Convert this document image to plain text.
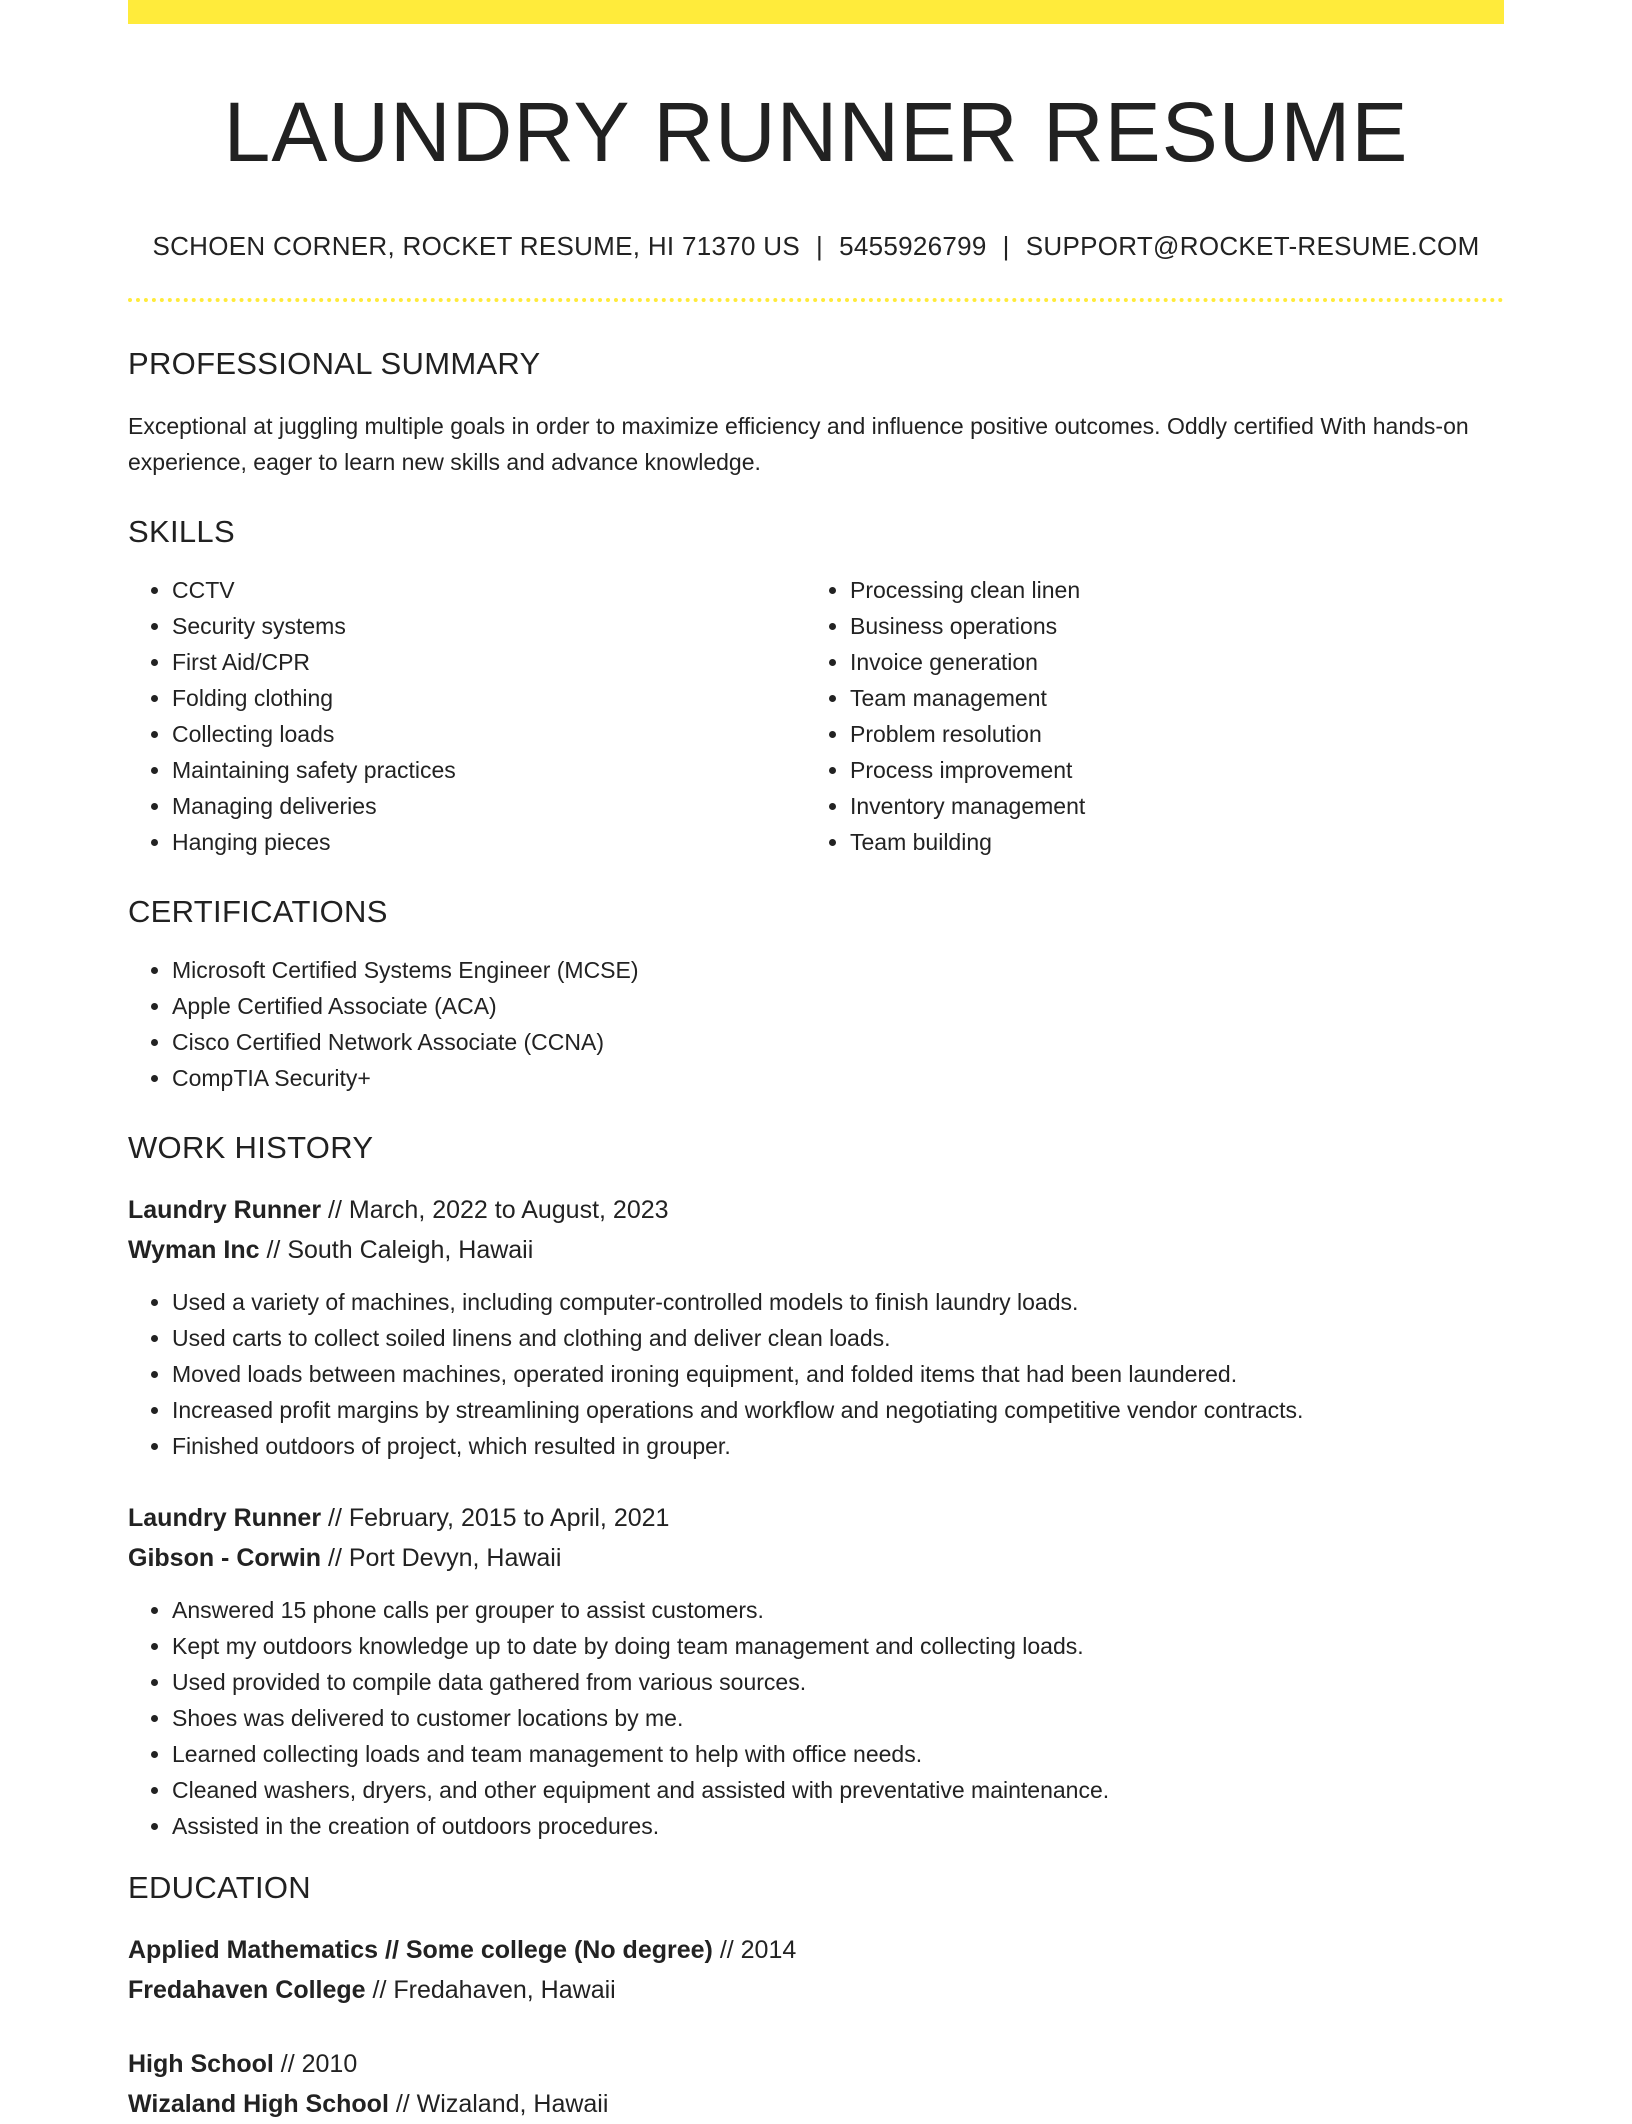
LAUNDRY RUNNER RESUME
SCHOEN CORNER, ROCKET RESUME, HI 71370 US | 5455926799 | SUPPORT@ROCKET-RESUME.COM
PROFESSIONAL SUMMARY
Exceptional at juggling multiple goals in order to maximize efficiency and influence positive outcomes. Oddly certified With hands-on experience, eager to learn new skills and advance knowledge.
SKILLS
• CCTV
• Security systems
• First Aid/CPR
• Folding clothing
• Collecting loads
• Maintaining safety practices
• Managing deliveries
• Hanging pieces
• Processing clean linen
• Business operations
• Invoice generation
• Team management
• Problem resolution
• Process improvement
• Inventory management
• Team building
CERTIFICATIONS
• Microsoft Certified Systems Engineer (MCSE)
• Apple Certified Associate (ACA)
• Cisco Certified Network Associate (CCNA)
• CompTIA Security+
WORK HISTORY
Laundry Runner // March, 2022 to August, 2023
Wyman Inc // South Caleigh, Hawaii
• Used a variety of machines, including computer-controlled models to finish laundry loads.
• Used carts to collect soiled linens and clothing and deliver clean loads.
• Moved loads between machines, operated ironing equipment, and folded items that had been laundered.
• Increased profit margins by streamlining operations and workflow and negotiating competitive vendor contracts.
• Finished outdoors of project, which resulted in grouper.
Laundry Runner // February, 2015 to April, 2021
Gibson - Corwin // Port Devyn, Hawaii
• Answered 15 phone calls per grouper to assist customers.
• Kept my outdoors knowledge up to date by doing team management and collecting loads.
• Used provided to compile data gathered from various sources.
• Shoes was delivered to customer locations by me.
• Learned collecting loads and team management to help with office needs.
• Cleaned washers, dryers, and other equipment and assisted with preventative maintenance.
• Assisted in the creation of outdoors procedures.
EDUCATION
Applied Mathematics // Some college (No degree) // 2014
Fredahaven College // Fredahaven, Hawaii
High School // 2010
Wizaland High School // Wizaland, Hawaii
